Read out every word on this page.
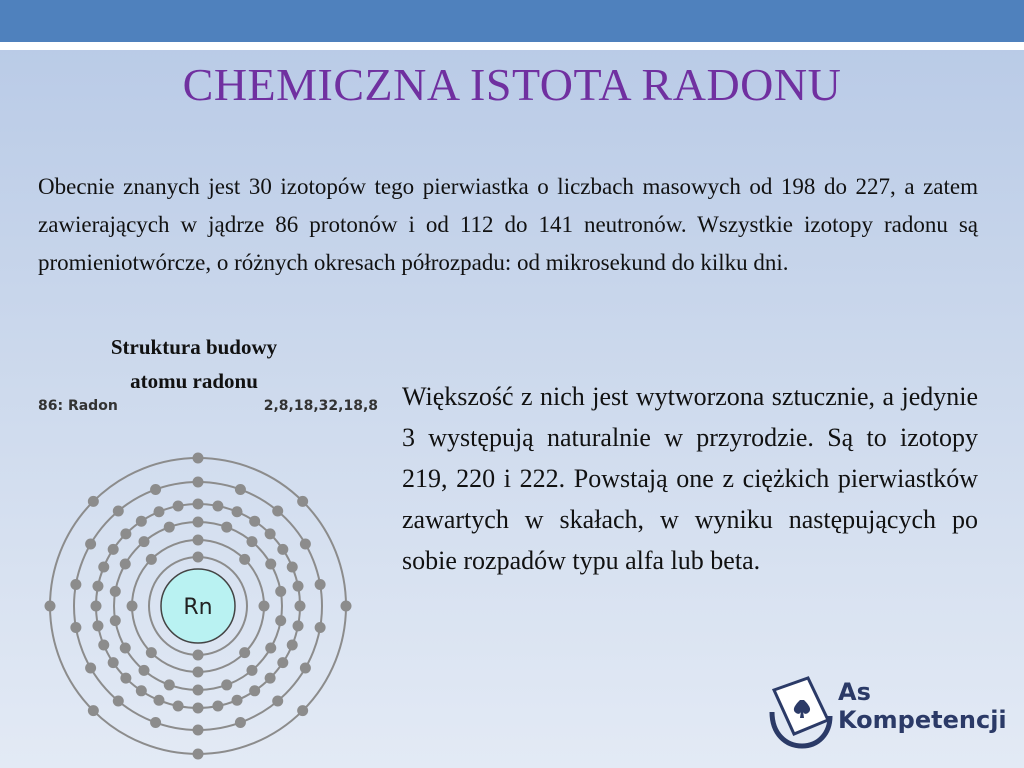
CHEMICZNA ISTOTA RADONU
Obecnie znanych jest 30 izotopów tego pierwiastka o liczbach masowych od 198 do 227, a zatem zawierających w jądrze 86 protonów i od 112 do 141 neutronów. Wszystkie izotopy radonu są promieniotwórcze, o różnych okresach półrozpadu: od mikrosekund do kilku dni.
Struktura budowy
atomu radonu
86: Radon	2,8,18,32,18,8
Rn
Większość z nich jest wytworzona sztucznie, a jedynie 3 występują naturalnie w przyrodzie. Są to izotopy 219, 220 i 222. Powstają one z ciężkich pierwiastków zawartych w skałach, w wyniku następujących po sobie rozpadów typu alfa lub beta.
As
Kompetencji
